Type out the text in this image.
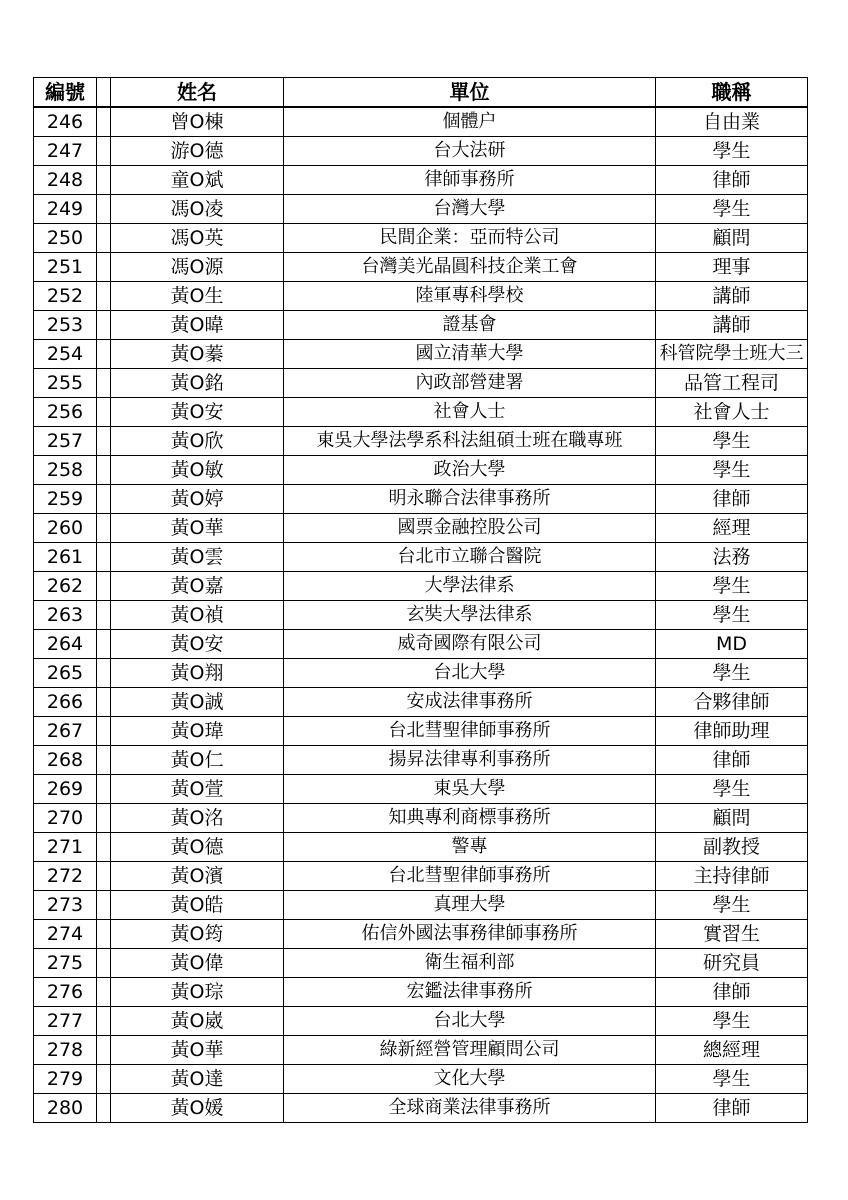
編號		姓名	單位	職稱
246		曾O棟	個體户	自由業
247		游O德	台大法研	學生
248		童O斌	律師事務所	律師
249		馮O凌	台灣大學	學生
250		馮O英	民間企業：亞而特公司	顧問
251		馮O源	台灣美光晶圓科技企業工會	理事
252		黃O生	陸軍專科學校	講師
253		黃O暐	證基會	講師
254		黃O蓁	國立清華大學	科管院學士班大三
255		黃O銘	內政部營建署	品管工程司
256		黃O安	社會人士	社會人士
257		黃O欣	東吳大學法學系科法組碩士班在職專班	學生
258		黃O敏	政治大學	學生
259		黃O婷	明永聯合法律事務所	律師
260		黃O華	國票金融控股公司	經理
261		黃O雲	台北市立聯合醫院	法務
262		黃O嘉	大學法律系	學生
263		黃O禎	玄奘大學法律系	學生
264		黃O安	威奇國際有限公司	MD
265		黃O翔	台北大學	學生
266		黃O誠	安成法律事務所	合夥律師
267		黃O瑋	台北彗聖律師事務所	律師助理
268		黃O仁	揚昇法律專利事務所	律師
269		黃O萱	東吳大學	學生
270		黃O洺	知典專利商標事務所	顧問
271		黃O德	警專	副教授
272		黃O濱	台北彗聖律師事務所	主持律師
273		黃O皓	真理大學	學生
274		黃O筠	佑信外國法事務律師事務所	實習生
275		黃O偉	衛生福利部	研究員
276		黃O琮	宏鑑法律事務所	律師
277		黃O崴	台北大學	學生
278		黃O華	綠新經營管理顧問公司	總經理
279		黃O達	文化大學	學生
280		黃O媛	全球商業法律事務所	律師
